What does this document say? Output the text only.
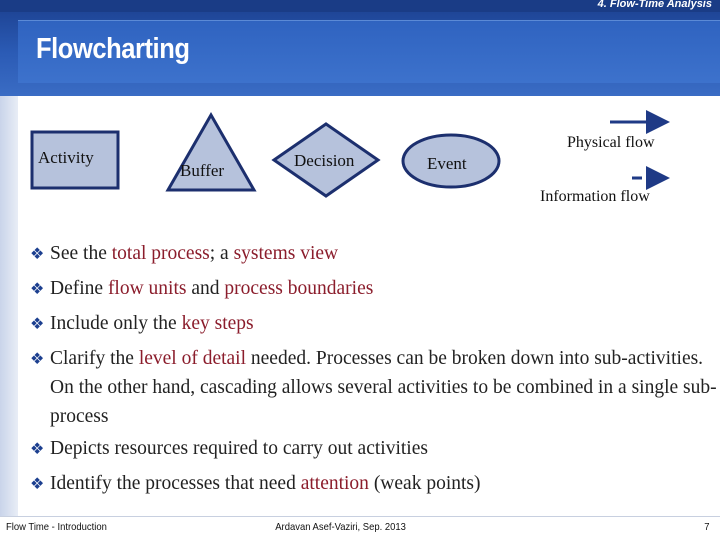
4. Flow-Time Analysis
Flowcharting
Activity
Buffer
Decision	Event
Physical flow
Information flow
❖ See the total process; a systems view
❖ Define flow units and process boundaries
❖ Include only the key steps
❖ Clarify the level of detail needed. Processes can be broken down into sub-activities. On the other hand, cascading allows several activities to be combined in a single sub-process
❖ Depicts resources required to carry out activities
❖ Identify the processes that need attention (weak points)
Flow Time - Introduction	Ardavan Asef-Vaziri, Sep. 2013	7
